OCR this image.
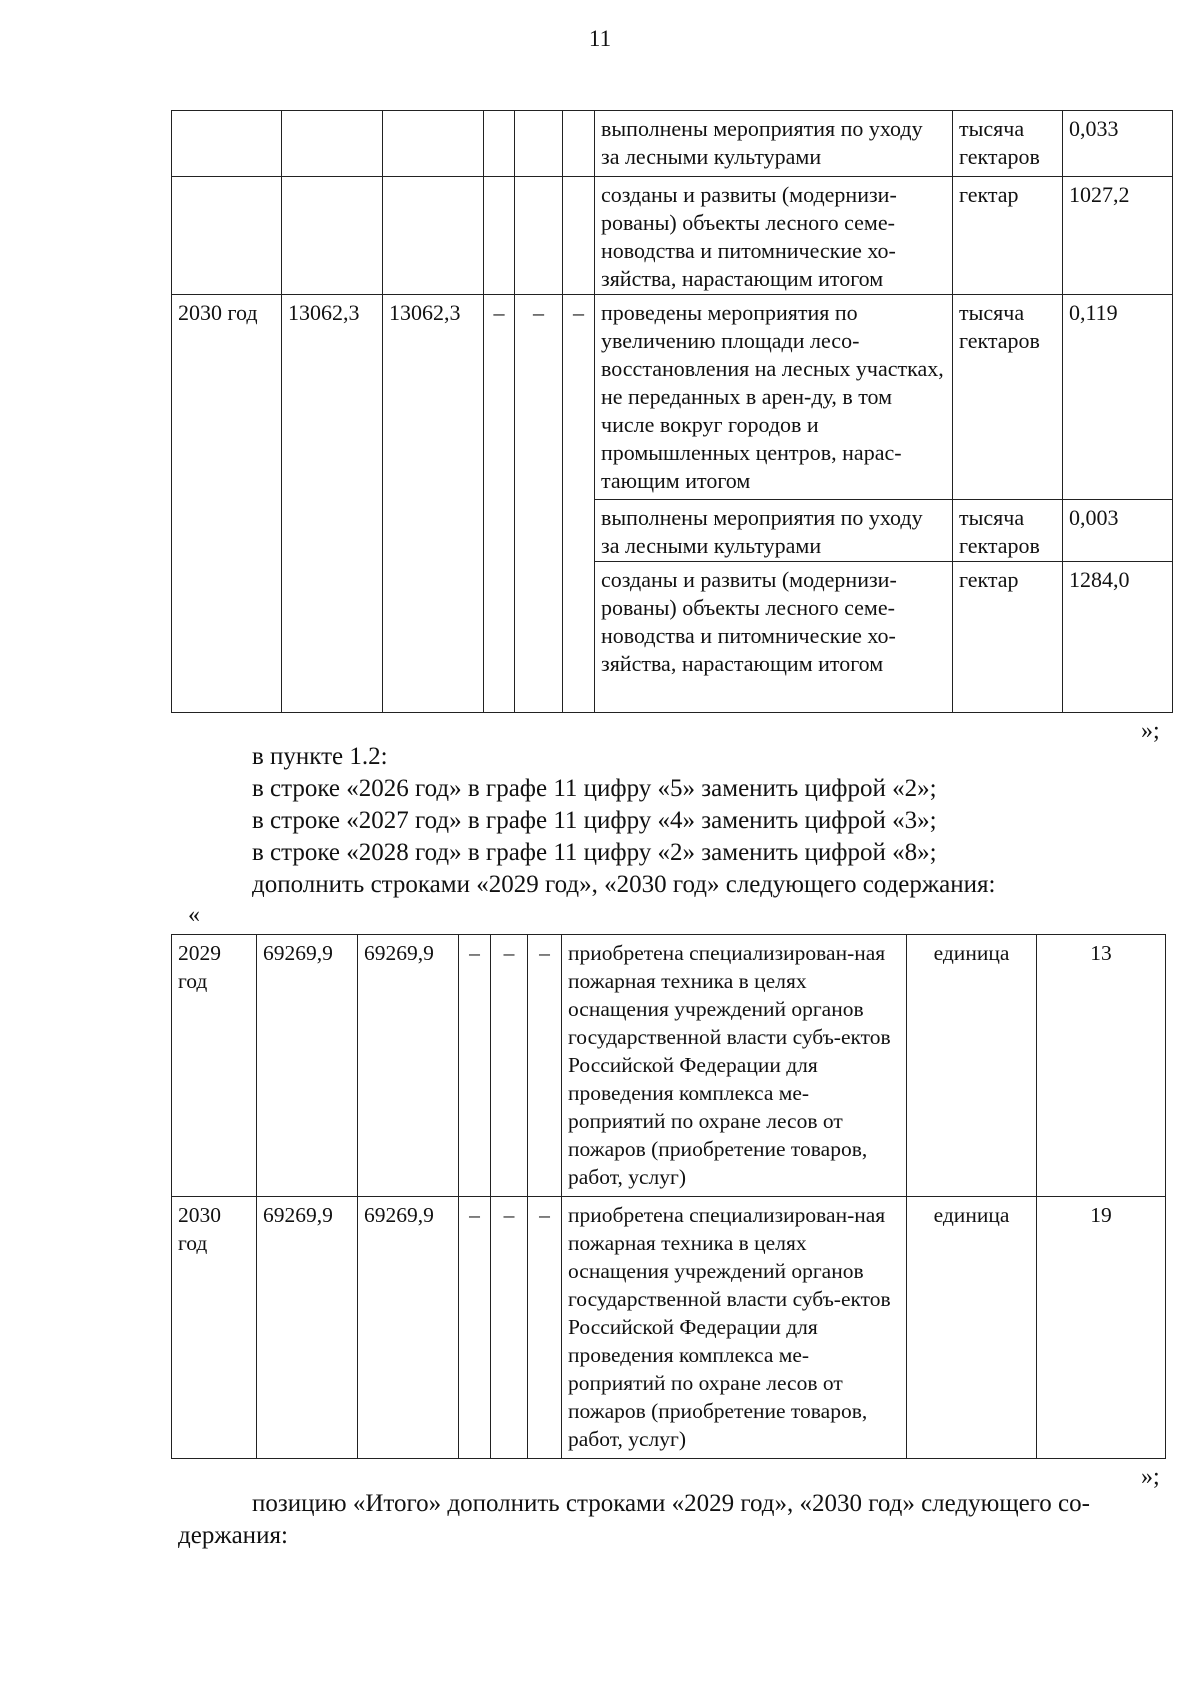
11
						выполнены мероприятия по уходу за лесными культурами	тысяча гектаров	0,033
						созданы и развиты (модернизи-рованы) объекты лесного семе-новодства и питомнические хо-зяйства, нарастающим итогом	гектар	1027,2
2030 год	13062,3	13062,3	–	–	–	проведены мероприятия по увеличению площади лесо-восстановления на лесных участках, не переданных в арен-ду, в том числе вокруг городов и промышленных центров, нарас-тающим итогом	тысяча гектаров	0,119
						выполнены мероприятия по уходу за лесными культурами	тысяча гектаров	0,003
						созданы и развиты (модернизи-рованы) объекты лесного семе-новодства и питомнические хо-зяйства, нарастающим итогом	гектар	1284,0
»;
в пункте 1.2:
в строке «2026 год» в графе 11 цифру «5» заменить цифрой «2»;
в строке «2027 год» в графе 11 цифру «4» заменить цифрой «3»;
в строке «2028 год» в графе 11 цифру «2» заменить цифрой «8»;
дополнить строками «2029 год», «2030 год» следующего содержания:
«
2029 год	69269,9	69269,9	–	–	–	приобретена специализирован-ная пожарная техника в целях оснащения учреждений органов государственной власти субъ-ектов Российской Федерации для проведения комплекса ме-роприятий по охране лесов от пожаров (приобретение товаров, работ, услуг)	единица	13
2030 год	69269,9	69269,9	–	–	–	приобретена специализирован-ная пожарная техника в целях оснащения учреждений органов государственной власти субъ-ектов Российской Федерации для проведения комплекса ме-роприятий по охране лесов от пожаров (приобретение товаров, работ, услуг)	единица	19
»;
позицию «Итого» дополнить строками «2029 год», «2030 год» следующего со-
держания:
